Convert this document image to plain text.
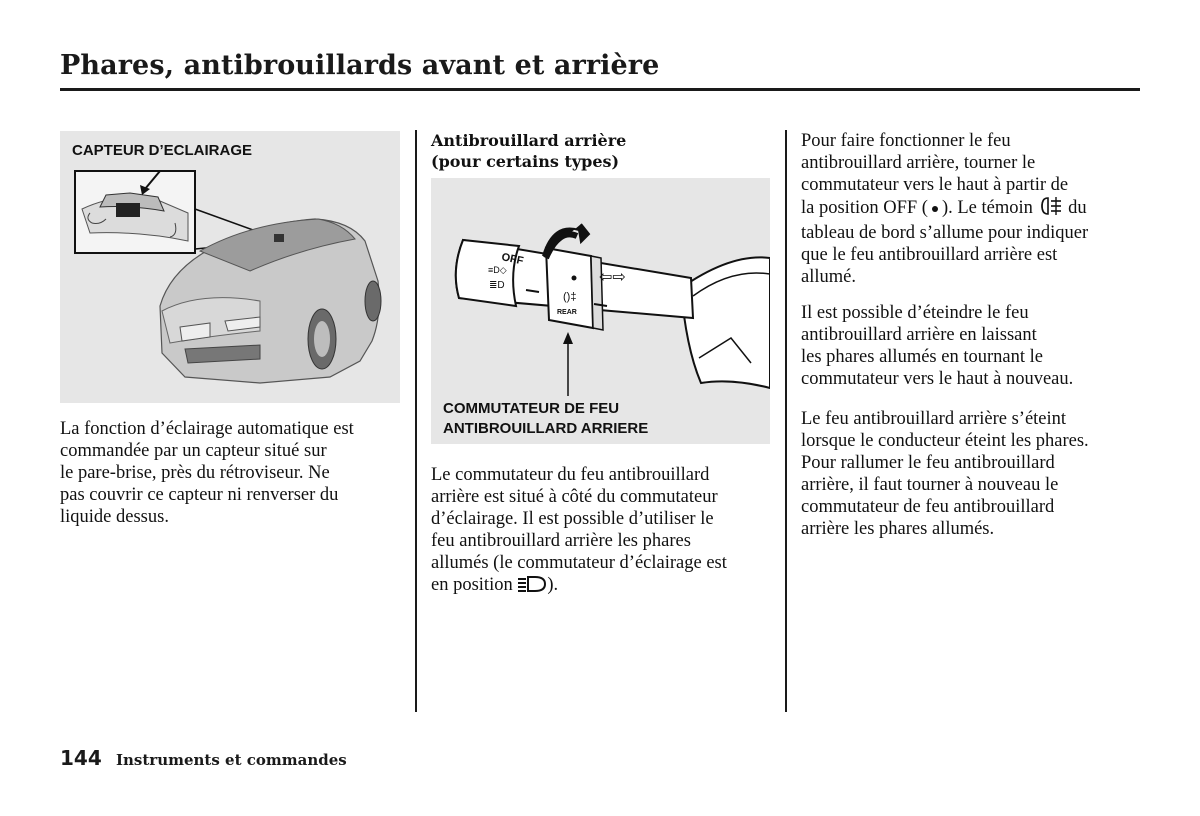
Phares, antibrouillards avant et arrière
CAPTEUR D’ECLAIRAGE
La fonction d’éclairage automatique est
commandée par un capteur situé sur
le pare-brise, près du rétroviseur. Ne
pas couvrir ce capteur ni renverser du
liquide dessus.
Antibrouillard arrière
(pour certains types)
OFF
≡D◇
≣D
()‡
REAR
⇦⇨
COMMUTATEUR DE FEU
ANTIBROUILLARD ARRIERE
Le commutateur du feu antibrouillard
arrière est situé à côté du commutateur
d’éclairage. Il est possible d’utiliser le
feu antibrouillard arrière les phares
allumés (le commutateur d’éclairage est
en position ).
Pour faire fonctionner le feu
antibrouillard arrière, tourner le
commutateur vers le haut à partir de
la position OFF ( ). Le témoin  du
tableau de bord s’allume pour indiquer
que le feu antibrouillard arrière est
allumé.
Il est possible d’éteindre le feu
antibrouillard arrière en laissant
les phares allumés en tournant le
commutateur vers le haut à nouveau.
Le feu antibrouillard arrière s’éteint
lorsque le conducteur éteint les phares.
Pour rallumer le feu antibrouillard
arrière, il faut tourner à nouveau le
commutateur de feu antibrouillard
arrière les phares allumés.
144 Instruments et commandes
